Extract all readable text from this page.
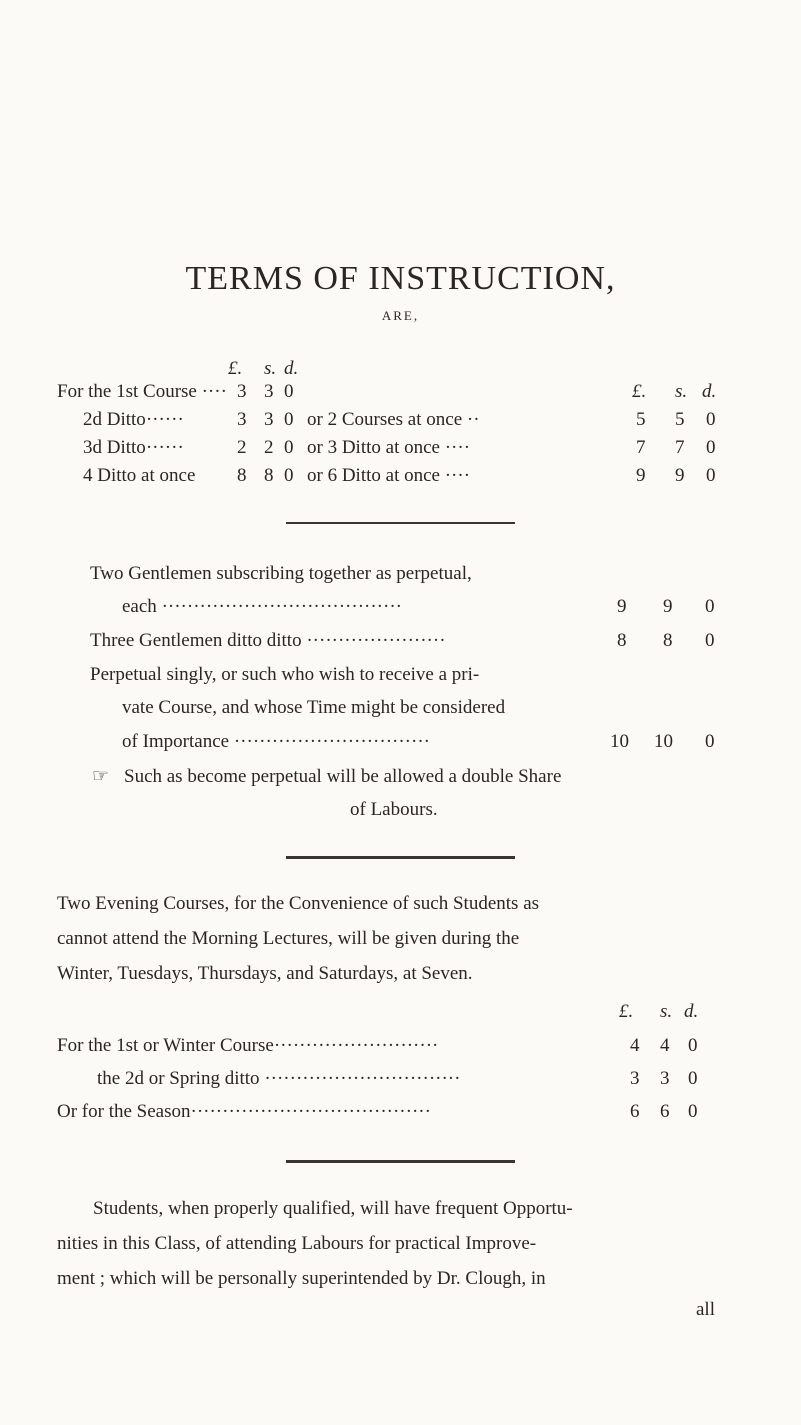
TERMS OF INSTRUCTION,
ARE,
£. s. d.
£. s. d.
For the 1st Course ···· 3 3 0
2d Ditto······	3 3 0 or 2 Courses at once ··	5 5 0
3d Ditto······	2 2 0 or 3 Ditto at once ····	7 7 0
4 Ditto at once 8 8 0 or 6 Ditto at once ····	9 9 0
Two Gentlemen subscribing together as perpetual,
each ······································	9 9 0
Three Gentlemen ditto ditto ······················	8 8 0
Perpetual singly, or such who wish to receive a pri-
vate Course, and whose Time might be considered
of Importance ·······························	10 10 0
☞ Such as become perpetual will be allowed a double Share
of Labours.
Two Evening Courses, for the Convenience of such Students as
cannot attend the Morning Lectures, will be given during the
Winter, Tuesdays, Thursdays, and Saturdays, at Seven.
£. s. d.
For the 1st or Winter Course··························	4 4 0
the 2d or Spring ditto ·······························	3 3 0
Or for the Season······································	6 6 0
Students, when properly qualified, will have frequent Opportu-
nities in this Class, of attending Labours for practical Improve-
ment ; which will be personally superintended by Dr. Clough, in
all
